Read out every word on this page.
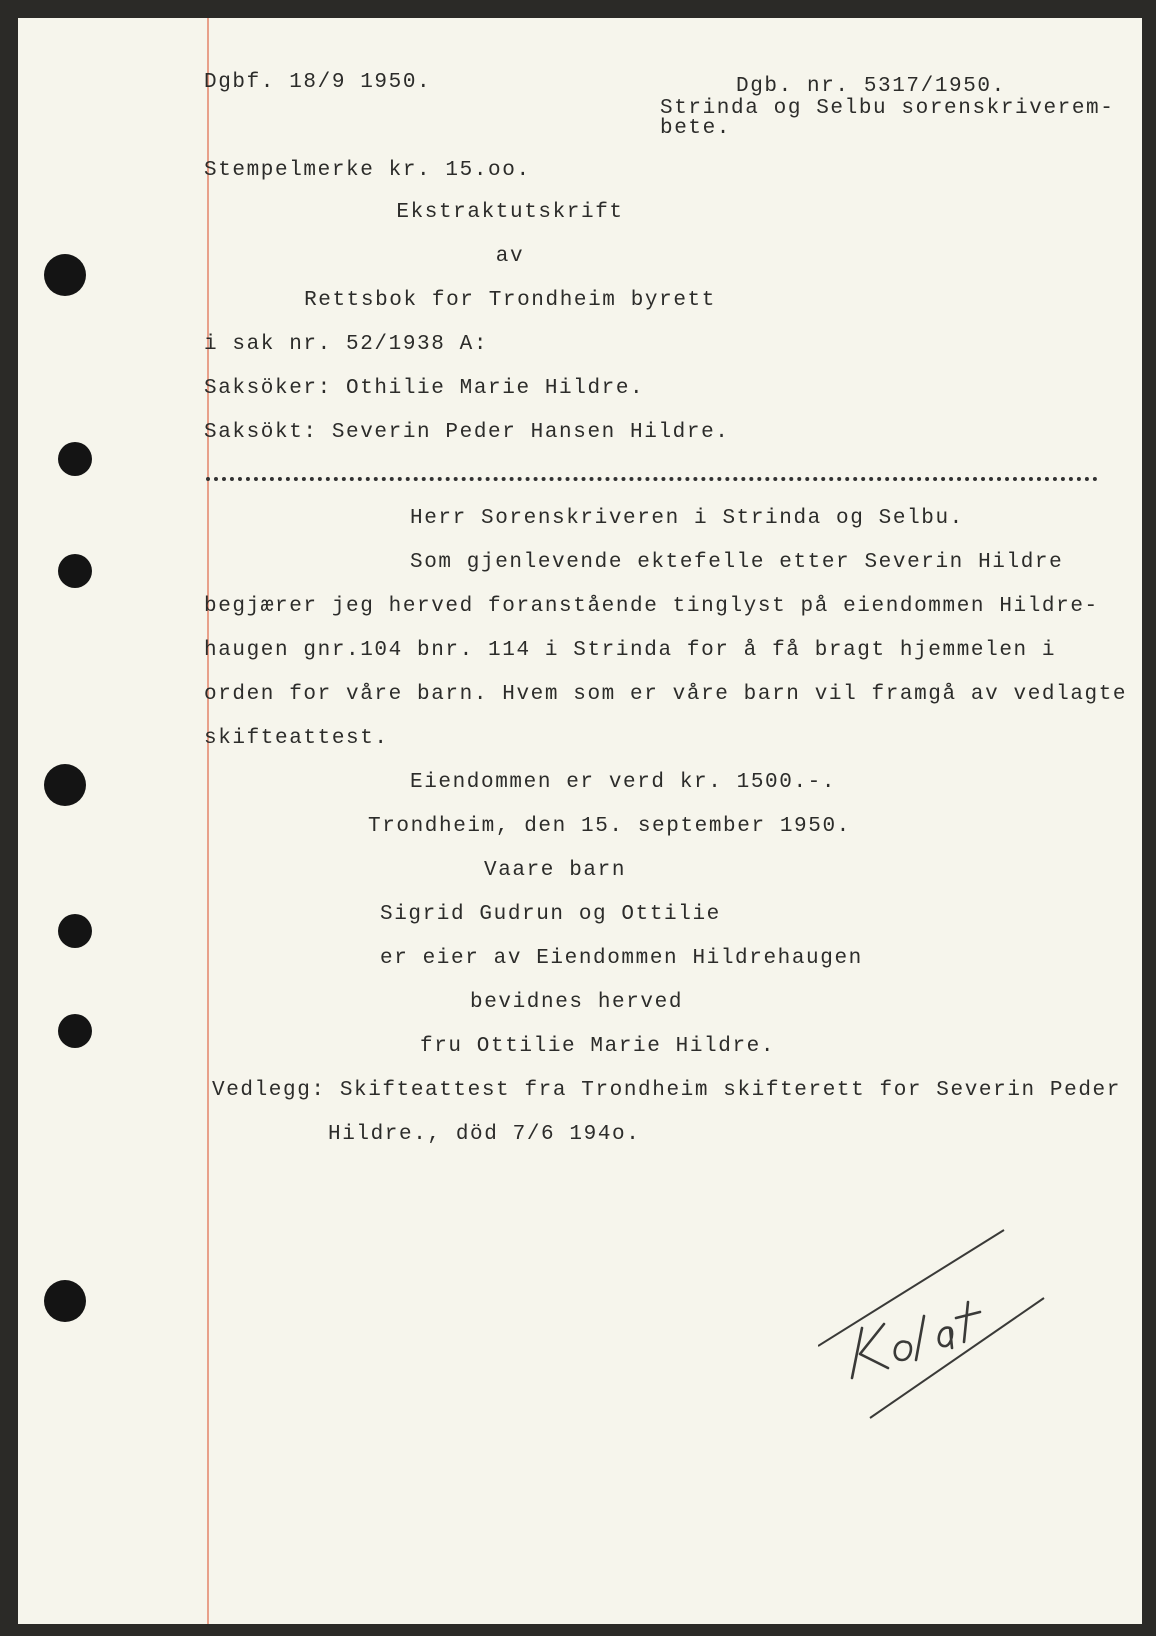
Dgbf. 18/9 1950.	Dgb. nr. 5317/1950.

Strinda og Selbu sorenskriverem-

bete.

Stempelmerke kr. 15.oo.

Ekstraktutskrift

av

Rettsbok for Trondheim byrett

i sak nr. 52/1938 A:

Saksöker: Othilie Marie Hildre.

Saksökt: Severin Peder Hansen Hildre.

Herr Sorenskriveren i Strinda og Selbu.

Som gjenlevende ektefelle etter Severin Hildre

begjærer jeg herved foranstående tinglyst på eiendommen Hildre-

haugen gnr.104 bnr. 114 i Strinda for å få bragt hjemmelen i

orden for våre barn. Hvem som er våre barn vil framgå av vedlagte

skifteattest.

Eiendommen er verd kr. 1500.-.

Trondheim, den 15. september 1950.

Vaare barn

Sigrid Gudrun og Ottilie

er eier av Eiendommen Hildrehaugen

bevidnes herved

fru Ottilie Marie Hildre.

Vedlegg: Skifteattest fra Trondheim skifterett for Severin Peder

Hildre., död 7/6 194o.
